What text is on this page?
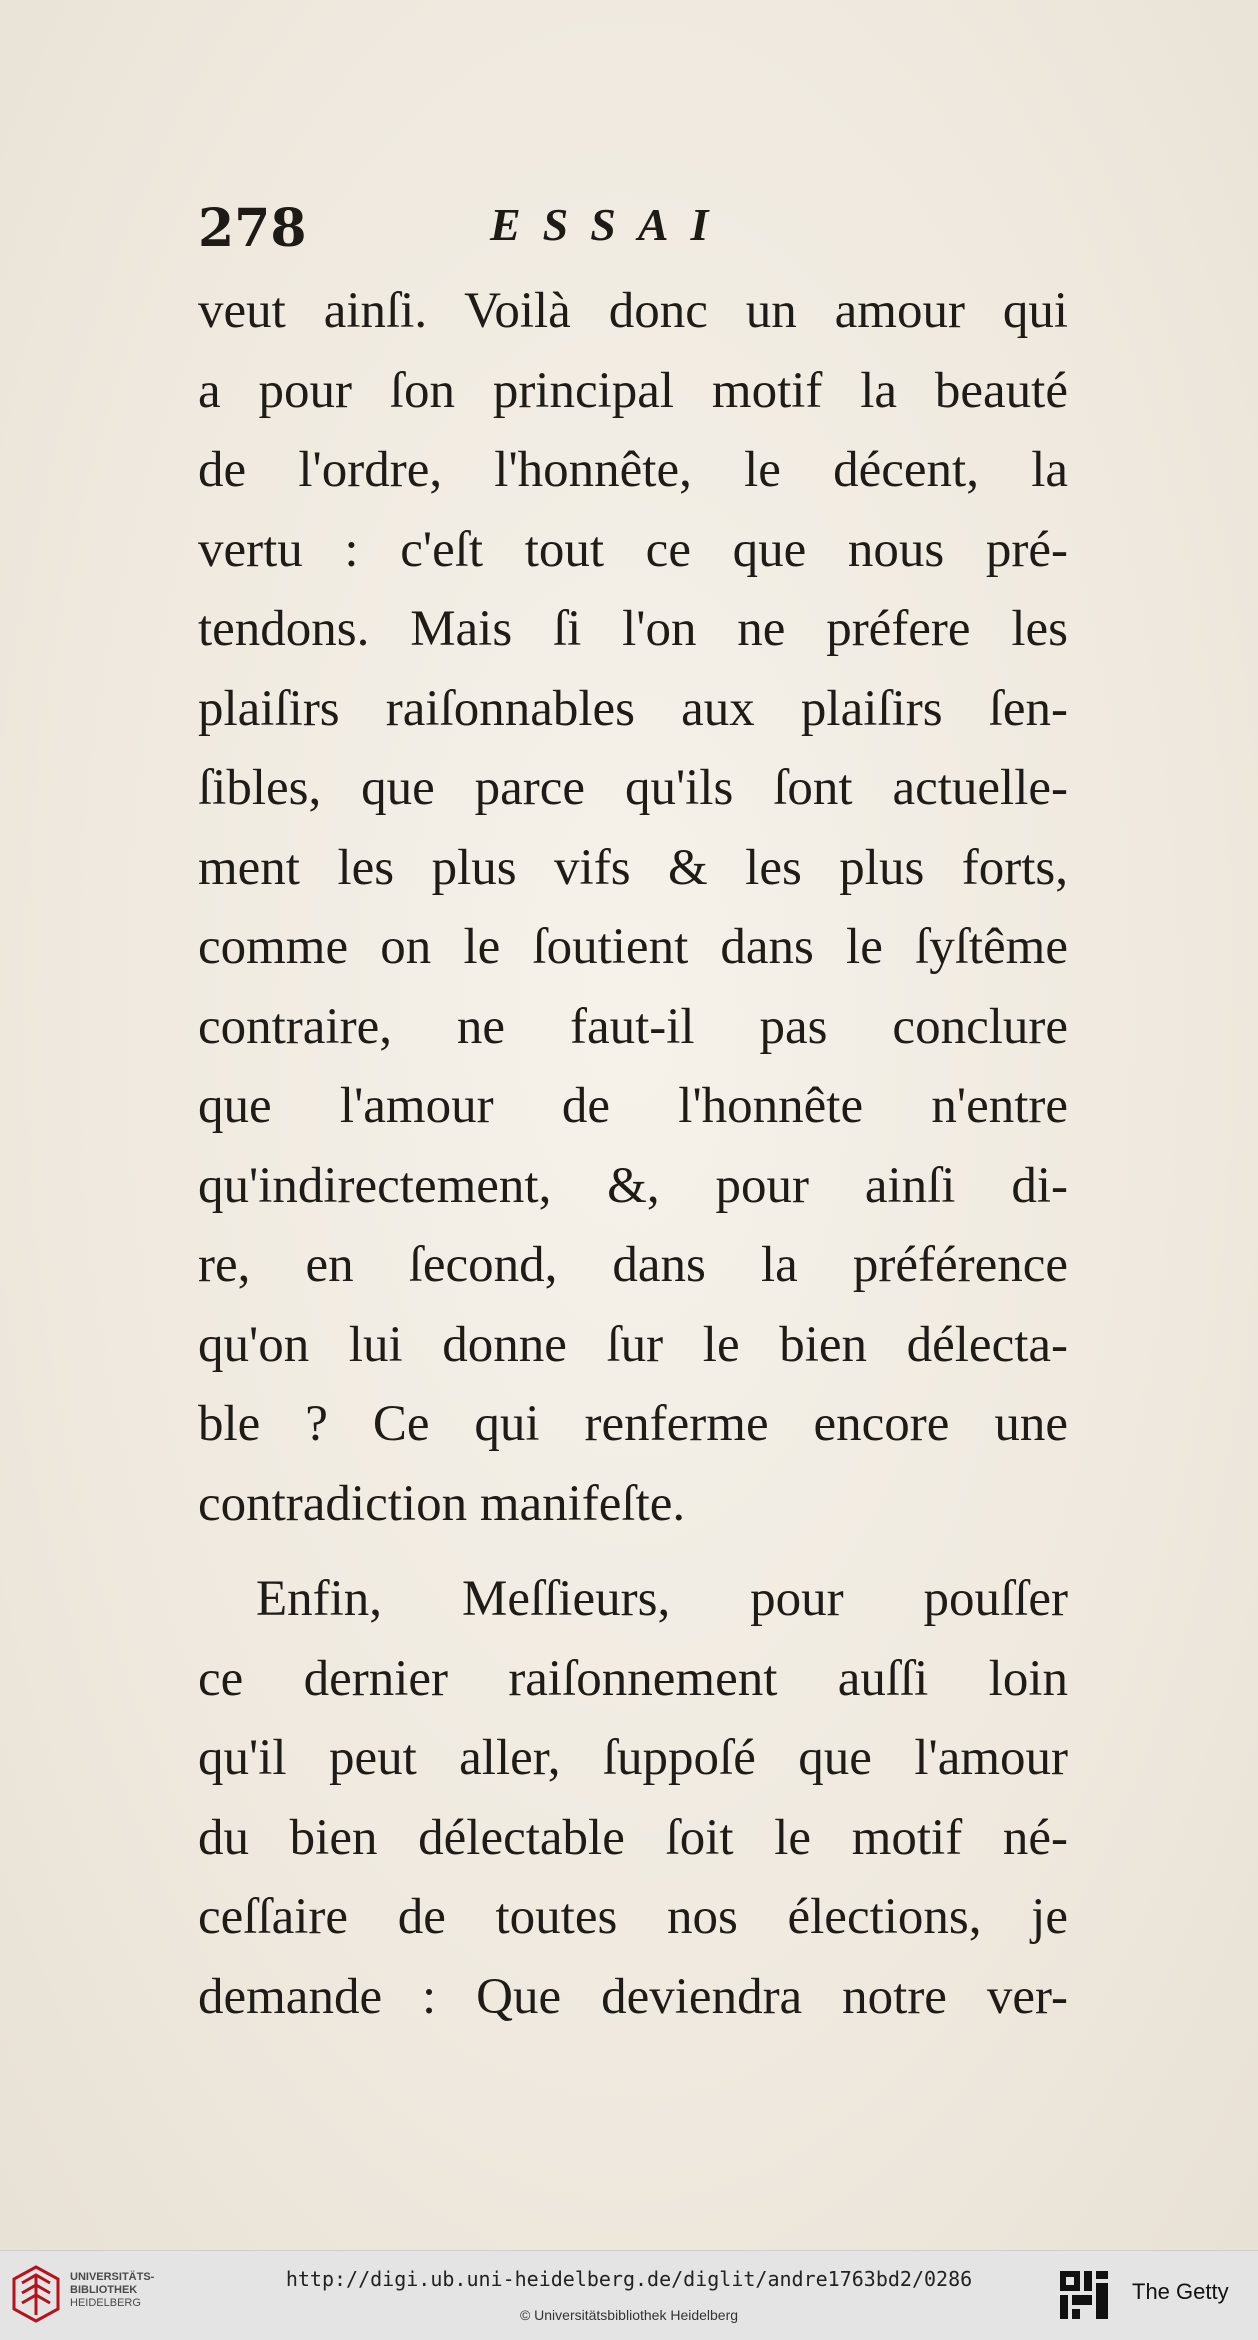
278	ESSAI
veut ainſi. Voilà donc un amour qui
a pour ſon principal motif la beauté
de l'ordre, l'honnête, le décent, la
vertu : c'eſt tout ce que nous pré-
tendons. Mais ſi l'on ne préfere les
plaiſirs raiſonnables aux plaiſirs ſen-
ſibles, que parce qu'ils ſont actuelle-
ment les plus vifs & les plus forts,
comme on le ſoutient dans le ſyſtême
contraire, ne faut-il pas conclure
que l'amour de l'honnête n'entre
qu'indirectement, &, pour ainſi di-
re, en ſecond, dans la préférence
qu'on lui donne ſur le bien délecta-
ble ? Ce qui renferme encore une
contradiction manifeſte.
Enfin, Meſſieurs, pour pouſſer
ce dernier raiſonnement auſſi loin
qu'il peut aller, ſuppoſé que l'amour
du bien délectable ſoit le motif né-
ceſſaire de toutes nos élections, je
demande : Que deviendra notre ver-
UNIVERSITÄTS-
BIBLIOTHEK
HEIDELBERG
http://digi.ub.uni-heidelberg.de/diglit/andre1763bd2/0286
© Universitätsbibliothek Heidelberg
The Getty
